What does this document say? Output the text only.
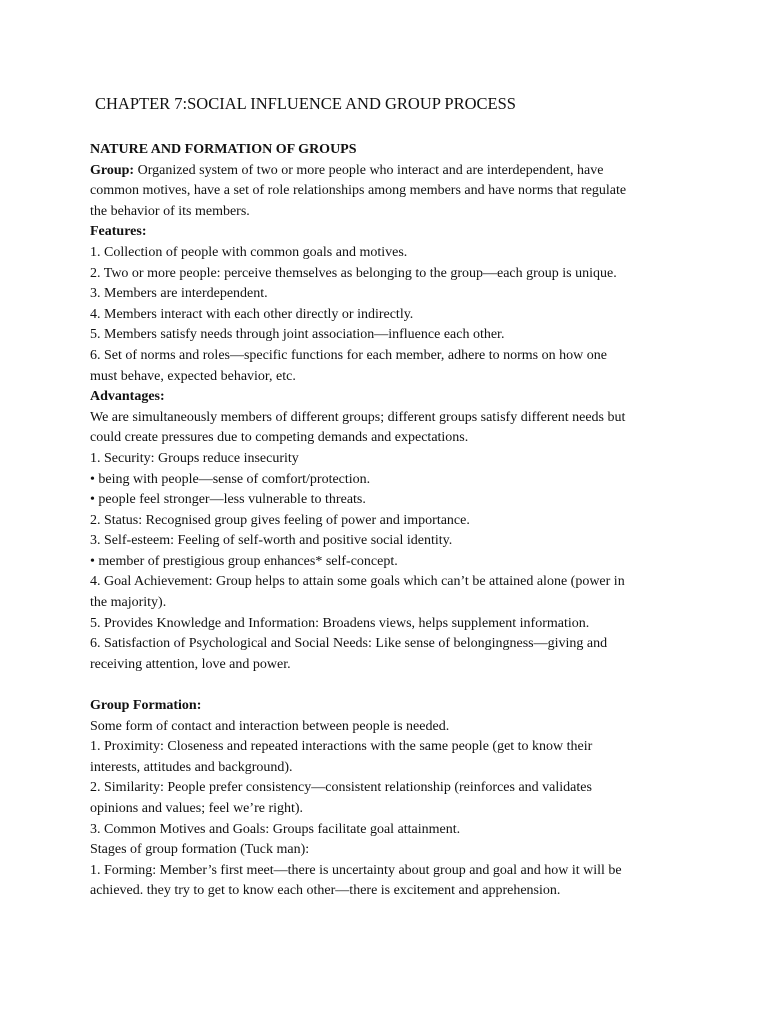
CHAPTER 7:SOCIAL INFLUENCE AND GROUP PROCESS
NATURE AND FORMATION OF GROUPS
Group: Organized system of two or more people who interact and are interdependent, have
common motives, have a set of role relationships among members and have norms that regulate
the behavior of its members.
Features:
1. Collection of people with common goals and motives.
2. Two or more people: perceive themselves as belonging to the group—each group is unique.
3. Members are interdependent.
4. Members interact with each other directly or indirectly.
5. Members satisfy needs through joint association—influence each other.
6. Set of norms and roles—specific functions for each member, adhere to norms on how one
must behave, expected behavior, etc.
Advantages:
We are simultaneously members of different groups; different groups satisfy different needs but
could create pressures due to competing demands and expectations.
1. Security: Groups reduce insecurity
• being with people—sense of comfort/protection.
• people feel stronger—less vulnerable to threats.
2. Status: Recognised group gives feeling of power and importance.
3. Self-esteem: Feeling of self-worth and positive social identity.
• member of prestigious group enhances* self-concept.
4. Goal Achievement: Group helps to attain some goals which can’t be attained alone (power in
the majority).
5. Provides Knowledge and Information: Broadens views, helps supplement information.
6. Satisfaction of Psychological and Social Needs: Like sense of belongingness—giving and
receiving attention, love and power.
Group Formation:
Some form of contact and interaction between people is needed.
1. Proximity: Closeness and repeated interactions with the same people (get to know their
interests, attitudes and background).
2. Similarity: People prefer consistency—consistent relationship (reinforces and validates
opinions and values; feel we’re right).
3. Common Motives and Goals: Groups facilitate goal attainment.
Stages of group formation (Tuck man):
1. Forming: Member’s first meet—there is uncertainty about group and goal and how it will be
achieved. they try to get to know each other—there is excitement and apprehension.
